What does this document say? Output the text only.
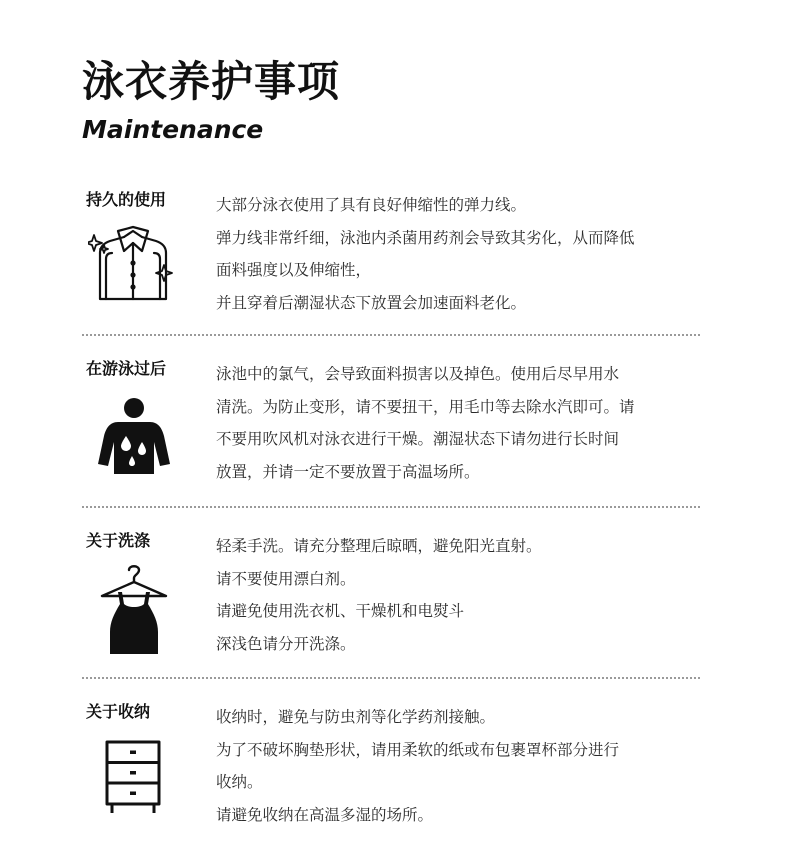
泳衣养护事项
Maintenance
持久的使用	大部分泳衣使用了具有良好伸缩性的弹力线。
弹力线非常纤细，泳池内杀菌用药剂会导致其劣化，从而降低
面料强度以及伸缩性，
并且穿着后潮湿状态下放置会加速面料老化。
在游泳过后	泳池中的氯气，会导致面料损害以及掉色。使用后尽早用水
清洗。为防止变形，请不要扭干，用毛巾等去除水汽即可。请
不要用吹风机对泳衣进行干燥。潮湿状态下请勿进行长时间
放置，并请一定不要放置于高温场所。
关于洗涤	轻柔手洗。请充分整理后晾晒，避免阳光直射。
请不要使用漂白剂。
请避免使用洗衣机、干燥机和电熨斗
深浅色请分开洗涤。
关于收纳	收纳时，避免与防虫剂等化学药剂接触。
为了不破坏胸垫形状，请用柔软的纸或布包裹罩杯部分进行
收纳。
请避免收纳在高温多湿的场所。
